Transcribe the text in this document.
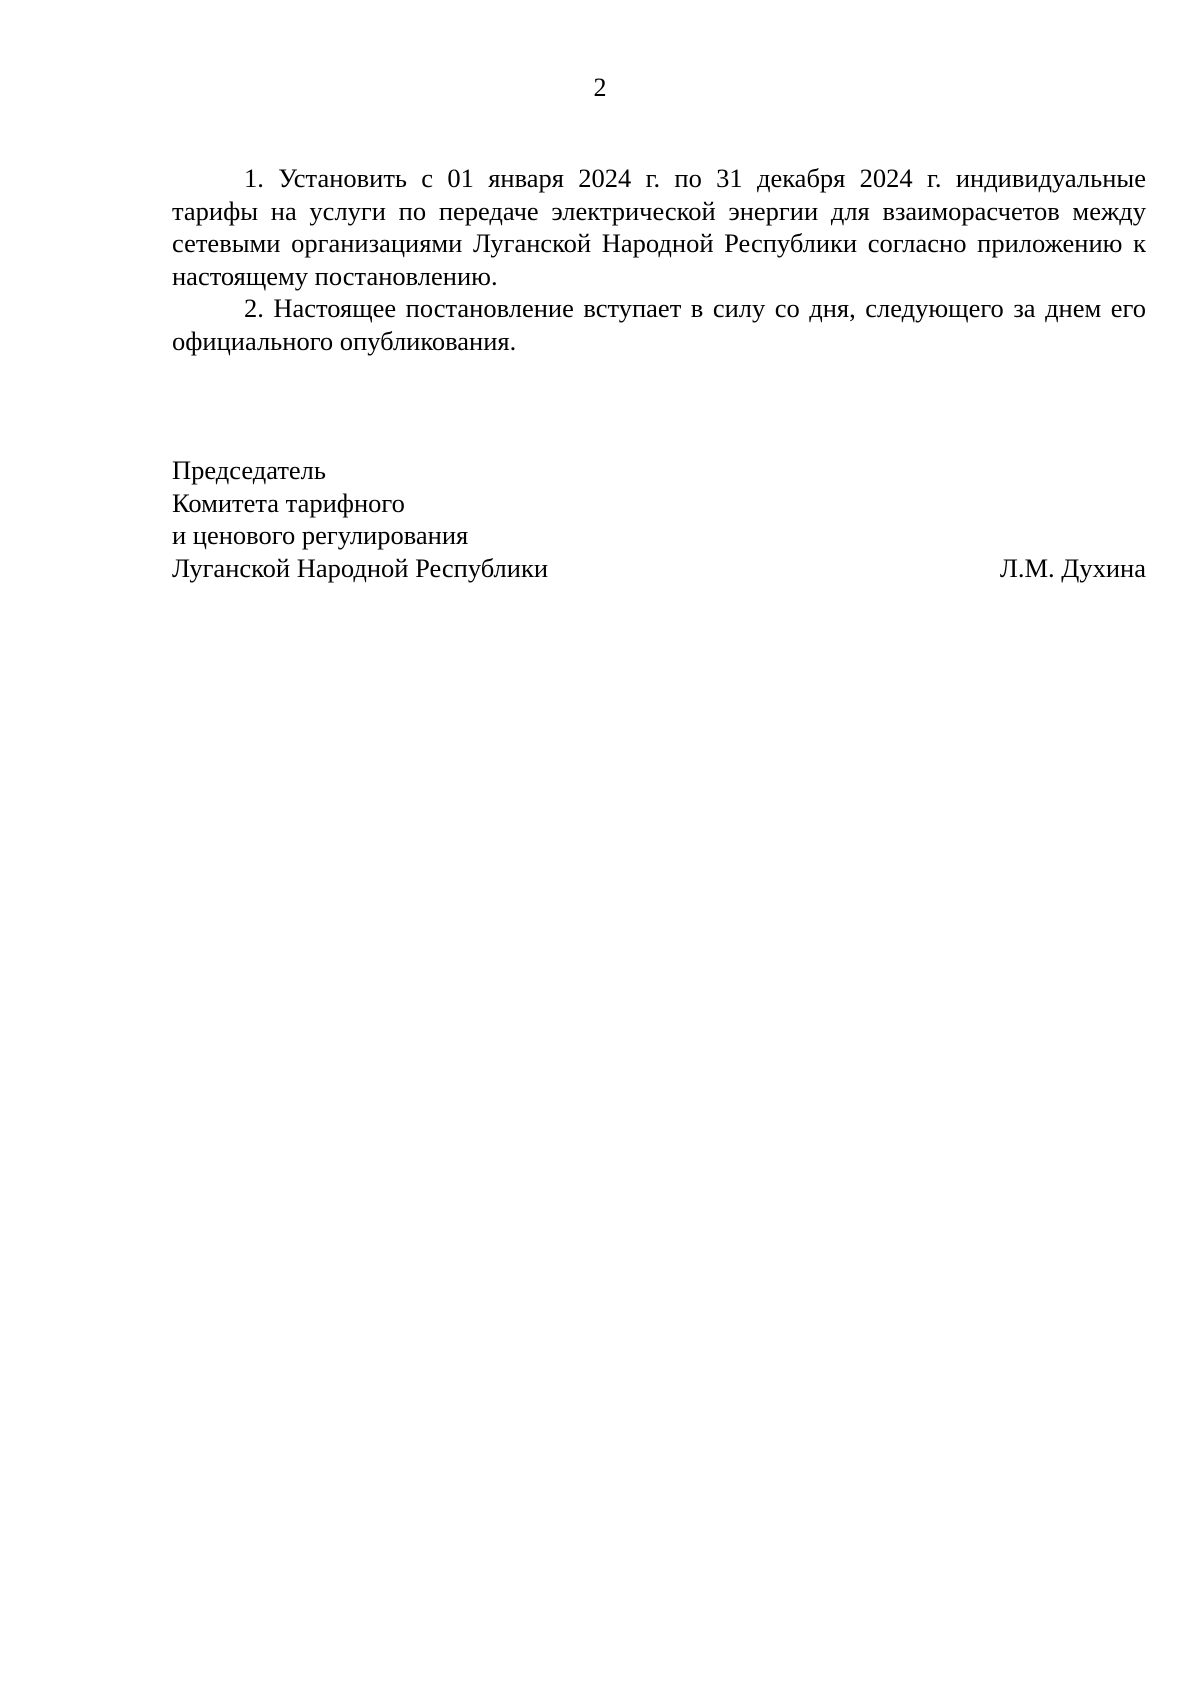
2

1. Установить с 01 января 2024 г. по 31 декабря 2024 г. индивидуальные тарифы на услуги по передаче электрической энергии для взаиморасчетов между сетевыми организациями Луганской Народной Республики согласно приложению к настоящему постановлению.

2. Настоящее постановление вступает в силу со дня, следующего за днем его официального опубликования.

Председатель
Комитета тарифного
и ценового регулирования
Луганской Народной Республики	Л.М. Духина
